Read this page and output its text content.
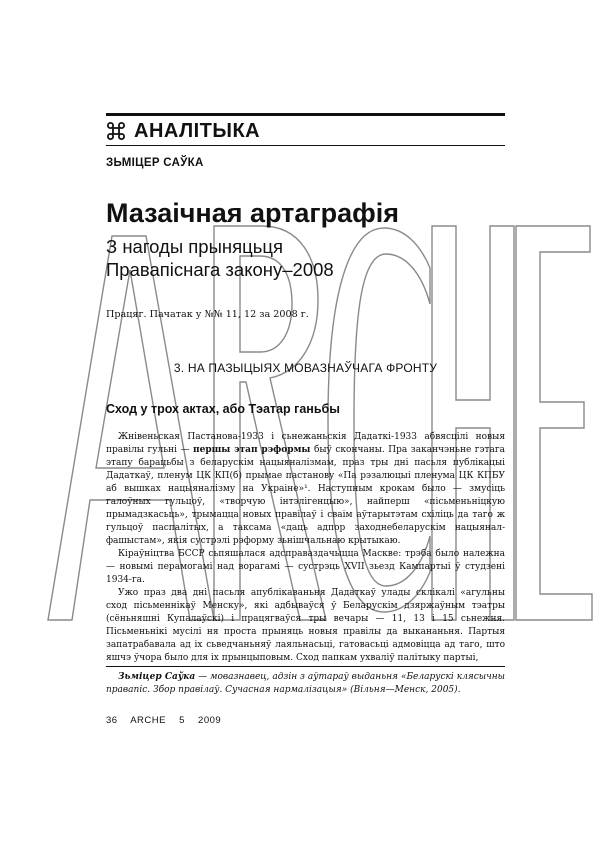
АНАЛІТЫКА
ЗЬМІЦЕР САЎКА
Мазаічная артаграфія
З нагоды прыняцьця
Правапіснага закону–2008
Працяг. Пачатак у №№ 11, 12 за 2008 г.
3. НА ПАЗЫЦЫЯХ МОВАЗНАЎЧАГА ФРОНТУ
Сход у трох актах, або Тэатар ганьбы

Жнівеньская Пастанова-1933 і сьнежаньскія Дадаткі-1933 абвясцілі новыя правілы гульні — першы этап рэформы быў скончаны. Пра заканчэньне гэтага этапу барацьбы з беларускім нацыяналізмам, праз тры дні пасьля публікацыі Дадаткаў, пленум ЦК КП(б) прымае пастанову «Па рэзалюцыі пленума ЦК КПБУ аб вышках нацыяналізму на Украіне»¹. Наступным крокам было — змусіць галоўных гульцоў, «творчую інтэлігенцыю», найперш «пісьменьніцкую прымадзкасьць», трымаццa новых правілаў і сваім аўтарытэтам схіліць да таго ж гульцоў паспалітых, а таксама «даць адпор заходнебеларускім нацыянал-фашыстам», якія сустрэлі рэформу зьнішчальнаю крытыкаю.

Кіраўніцтва БССР сьпяшалася адсправаздачыцца Маскве: трэба было належна — новымі перамогамі над ворагамі — сустрэць XVII зьезд Кампартыі ў студзені 1934-га.

Ужо праз два дні пасьля апублікаваньня Дадаткаў улады склікалі «агульны сход пісьменнікаў Менску», які адбываўся ў Беларускім дзяржаўным тэатры (сёньняшні Купалаўскі) і працягваўся тры вечары — 11, 13 і 15 сьнежня. Пісьменьнікі мусілі ня проста прыняць новыя правілы да выкананьня. Партыя запатрабавала ад іх сьведчаньняў лаяльнасьці, гатовасьці адмовіцца ад таго, што яшчэ ўчора было для іх прынцыповым. Сход папкам ухваліў палітыку партыі,

Зьміцер Саўка — мовазнавец, адзін з аўтараў выданьня «Беларускі клясычны правапіс. Збор правілаў. Сучасная нармалізацыя» (Вільня—Менск, 2005).
36 ARCHE 5 2009
